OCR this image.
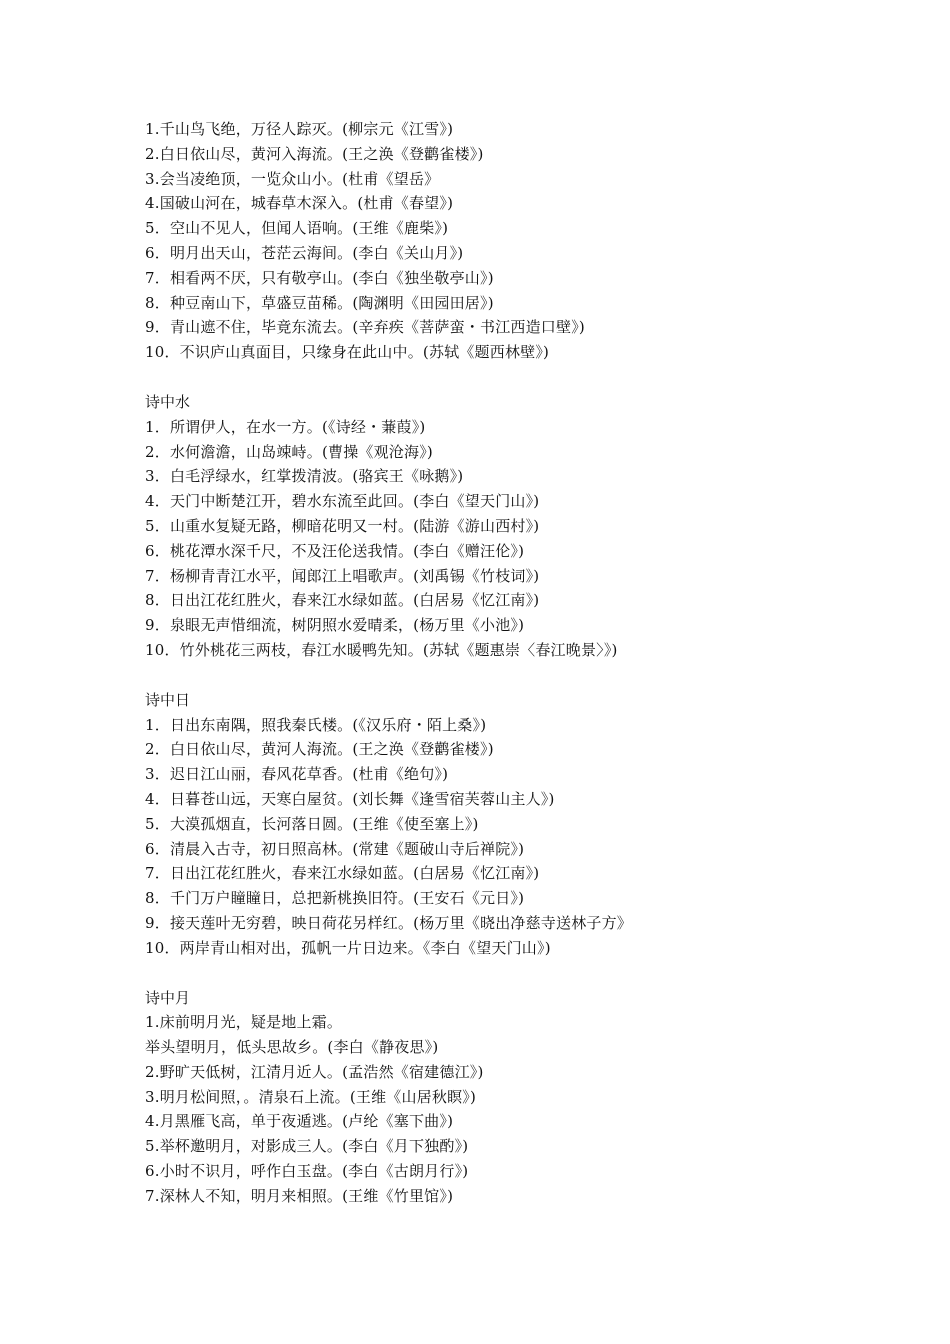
1.千山鸟飞绝，万径人踪灭。(柳宗元《江雪》)
2.白日依山尽，黄河入海流。(王之涣《登鹳雀楼》)
3.会当凌绝顶，一览众山小。(杜甫《望岳》
4.国破山河在，城春草木深入。(杜甫《春望》)
5．空山不见人，但闻人语响。(王维《鹿柴》)
6．明月出天山，苍茫云海间。(李白《关山月》)
7．相看两不厌，只有敬亭山。(李白《独坐敬亭山》)
8．种豆南山下，草盛豆苗稀。(陶渊明《田园田居》)
9．青山遮不住，毕竟东流去。(辛弃疾《菩萨蛮・书江西造口壁》)
10．不识庐山真面目，只缘身在此山中。(苏轼《题西林壁》)
诗中水
1．所谓伊人，在水一方。(《诗经・蒹葭》)
2．水何澹澹，山岛竦峙。(曹操《观沧海》)
3．白毛浮绿水，红掌拨清波。(骆宾王《咏鹅》)
4．天门中断楚江开，碧水东流至此回。(李白《望天门山》)
5．山重水复疑无路，柳暗花明又一村。(陆游《游山西村》)
6．桃花潭水深千尺，不及汪伦送我情。(李白《赠汪伦》)
7．杨柳青青江水平，闻郎江上唱歌声。(刘禹锡《竹枝词》)
8．日出江花红胜火，春来江水绿如蓝。(白居易《忆江南》)
9．泉眼无声惜细流，树阴照水爱晴柔，(杨万里《小池》)
10．竹外桃花三两枝，春江水暖鸭先知。(苏轼《题惠崇〈春江晚景〉》)
诗中日
1．日出东南隅，照我秦氏楼。(《汉乐府・陌上桑》)
2．白日依山尽，黄河人海流。(王之涣《登鹳雀楼》)
3．迟日江山丽，春风花草香。(杜甫《绝句》)
4．日暮苍山远，天寒白屋贫。(刘长舞《逢雪宿芙蓉山主人》)
5．大漠孤烟直，长河落日圆。(王维《使至塞上》)
6．清晨入古寺，初日照高林。(常建《题破山寺后禅院》)
7．日出江花红胜火，春来江水绿如蓝。(白居易《忆江南》)
8．千门万户瞳瞳日，总把新桃换旧符。(王安石《元日》)
9．接天莲叶无穷碧，映日荷花另样红。(杨万里《晓出净慈寺送林子方》
10．两岸青山相对出，孤帆一片日边来。《李白《望天门山》)
诗中月
1.床前明月光，疑是地上霜。
举头望明月，低头思故乡。(李白《静夜思》)
2.野旷天低树，江清月近人。(孟浩然《宿建德江》)
3.明月松间照，。清泉石上流。(王维《山居秋瞑》)
4.月黑雁飞高，单于夜遁逃。(卢纶《塞下曲》)
5.举杯邀明月，对影成三人。(李白《月下独酌》)
6.小时不识月，呼作白玉盘。(李白《古朗月行》)
7.深林人不知，明月来相照。(王维《竹里馆》)
